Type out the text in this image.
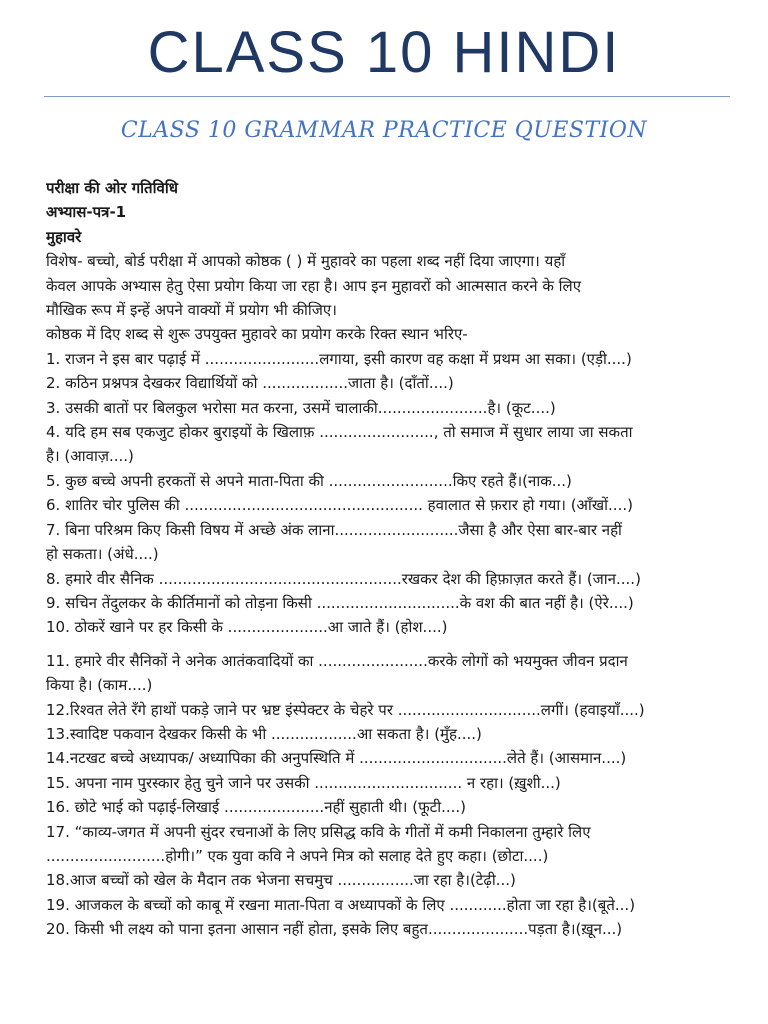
CLASS 10 HINDI
CLASS 10 GRAMMAR PRACTICE QUESTION
परीक्षा की ओर गतिविधि
अभ्यास-पत्र-1
मुहावरे
विशेष- बच्चो, बोर्ड परीक्षा में आपको कोष्ठक ( ) में मुहावरे का पहला शब्द नहीं दिया जाएगा। यहाँ
केवल आपके अभ्यास हेतु ऐसा प्रयोग किया जा रहा है। आप इन मुहावरों को आत्मसात करने के लिए
मौखिक रूप में इन्हें अपने वाक्यों में प्रयोग भी कीजिए।
कोष्ठक में दिए शब्द से शुरू उपयुक्त मुहावरे का प्रयोग करके रिक्त स्थान भरिए-
1. राजन ने इस बार पढ़ाई में ........................लगाया, इसी कारण वह कक्षा में प्रथम आ सका। (एड़ी....)
2. कठिन प्रश्नपत्र देखकर विद्यार्थियों को ..................जाता है। (दाँतों....)
3. उसकी बातों पर बिलकुल भरोसा मत करना, उसमें चालाकी.......................है। (कूट....)
4. यदि हम सब एकजुट होकर बुराइयों के खिलाफ़ ........................, तो समाज में सुधार लाया जा सकता
है। (आवाज़....)
5. कुछ बच्चे अपनी हरकतों से अपने माता-पिता की ..........................किए रहते हैं।(नाक...)
6. शातिर चोर पुलिस की .................................................. हवालात से फ़रार हो गया। (आँखों....)
7. बिना परिश्रम किए किसी विषय में अच्छे अंक लाना..........................जैसा है और ऐसा बार-बार नहीं
हो सकता। (अंधे....)
8. हमारे वीर सैनिक ...................................................रखकर देश की हिफ़ाज़त करते हैं। (जान....)
9. सचिन तेंदुलकर के कीर्तिमानों को तोड़ना किसी ..............................के वश की बात नहीं है। (ऐरे....)
10. ठोकरें खाने पर हर किसी के .....................आ जाते हैं। (होश....)
11. हमारे वीर सैनिकों ने अनेक आतंकवादियों का .......................करके लोगों को भयमुक्त जीवन प्रदान
किया है। (काम....)
12.रिश्वत लेते रँगे हाथों पकड़े जाने पर भ्रष्ट इंस्पेक्टर के चेहरे पर ..............................लगीं। (हवाइयाँ....)
13.स्वादिष्ट पकवान देखकर किसी के भी ..................आ सकता है। (मुँह....)
14.नटखट बच्चे अध्यापक/ अध्यापिका की अनुपस्थिति में ...............................लेते हैं। (आसमान....)
15. अपना नाम पुरस्कार हेतु चुने जाने पर उसकी ............................... न रहा। (ख़ुशी...)
16. छोटे भाई को पढ़ाई-लिखाई .....................नहीं सुहाती थी। (फूटी....)
17. “काव्य-जगत में अपनी सुंदर रचनाओं के लिए प्रसिद्ध कवि के गीतों में कमी निकालना तुम्हारे लिए
.........................होगी।” एक युवा कवि ने अपने मित्र को सलाह देते हुए कहा। (छोटा....)
18.आज बच्चों को खेल के मैदान तक भेजना सचमुच ................जा रहा है।(टेढ़ी...)
19. आजकल के बच्चों को काबू में रखना माता-पिता व अध्यापकों के लिए ............होता जा रहा है।(बूते...)
20. किसी भी लक्ष्य को पाना इतना आसान नहीं होता, इसके लिए बहुत.....................पड़ता है।(ख़ून...)
